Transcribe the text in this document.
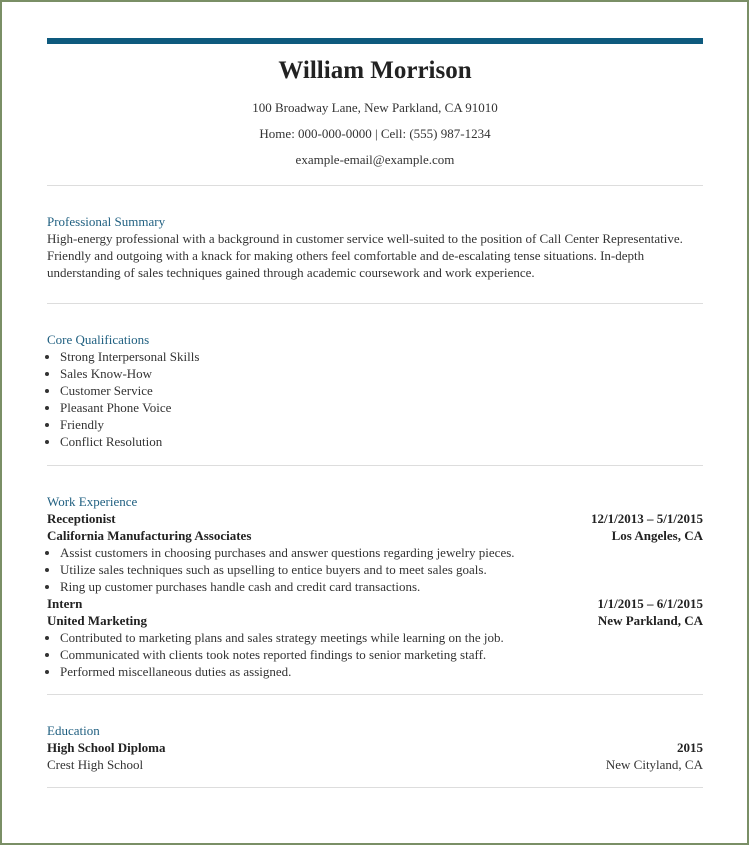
William Morrison
100 Broadway Lane, New Parkland, CA 91010
Home: 000-000-0000 | Cell: (555) 987-1234
example-email@example.com
Professional Summary
High-energy professional with a background in customer service well-suited to the position of Call Center Representative. Friendly and outgoing with a knack for making others feel comfortable and de-escalating tense situations. In-depth understanding of sales techniques gained through academic coursework and work experience.
Core Qualifications
• Strong Interpersonal Skills
• Sales Know-How
• Customer Service
• Pleasant Phone Voice
• Friendly
• Conflict Resolution
Work Experience
Receptionist	12/1/2013 – 5/1/2015
California Manufacturing Associates	Los Angeles, CA
• Assist customers in choosing purchases and answer questions regarding jewelry pieces.
• Utilize sales techniques such as upselling to entice buyers and to meet sales goals.
• Ring up customer purchases handle cash and credit card transactions.
Intern	1/1/2015 – 6/1/2015
United Marketing	New Parkland, CA
• Contributed to marketing plans and sales strategy meetings while learning on the job.
• Communicated with clients took notes reported findings to senior marketing staff.
• Performed miscellaneous duties as assigned.
Education
High School Diploma	2015
Crest High School	New Cityland, CA
